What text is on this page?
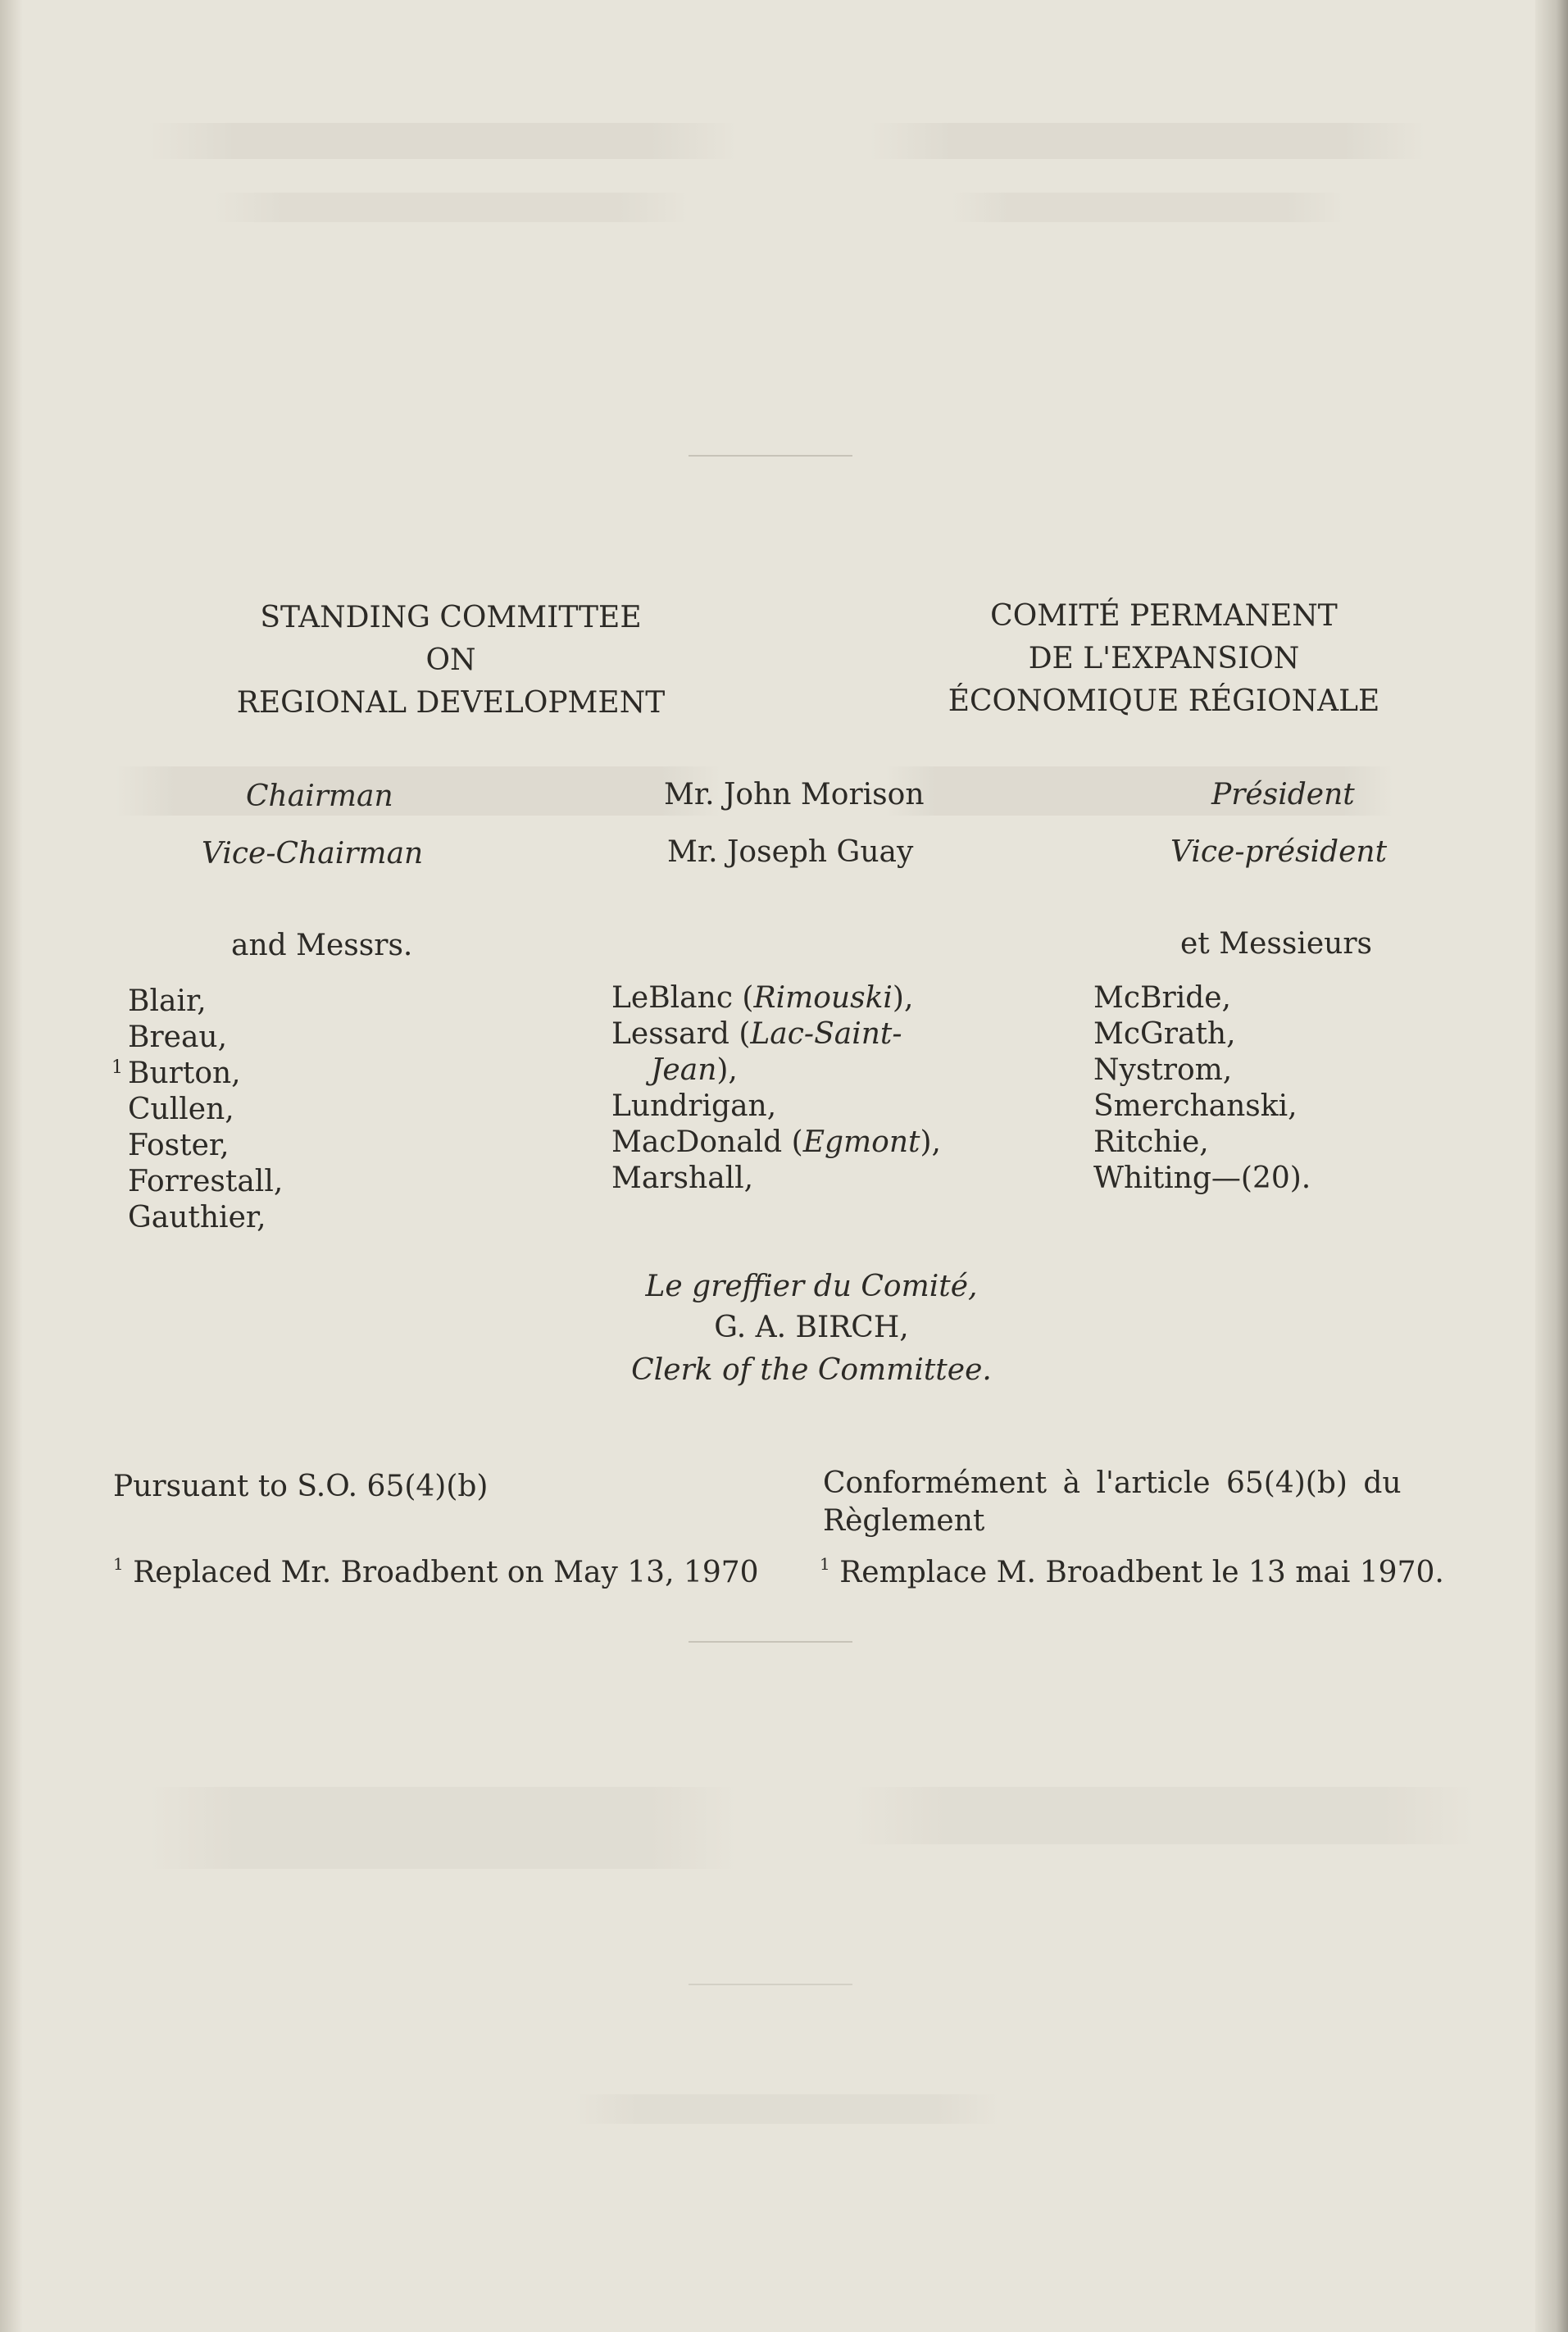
STANDING COMMITTEE
ON
REGIONAL DEVELOPMENT
COMITÉ PERMANENT
DE L'EXPANSION
ÉCONOMIQUE RÉGIONALE
Chairman	Mr. John Morison	Président
Vice-Chairman	Mr. Joseph Guay	Vice-président
and Messrs.	et Messieurs
Blair,
Breau,
Burton,
Cullen,
Foster,
Forrestall,
Gauthier,
1
LeBlanc (Rimouski),
Lessard (Lac-Saint-
Jean),
Lundrigan,
MacDonald (Egmont),
Marshall,
McBride,
McGrath,
Nystrom,
Smerchanski,
Ritchie,
Whiting—(20).
Le greffier du Comité,
G. A. BIRCH,
Clerk of the Committee.
Pursuant to S.O. 65(4)(b)	Conformément à l'article 65(4)(b) du
Règlement
$^1$ Replaced Mr. Broadbent on May 13, 1970	$^1$ Remplace M. Broadbent le 13 mai 1970.
